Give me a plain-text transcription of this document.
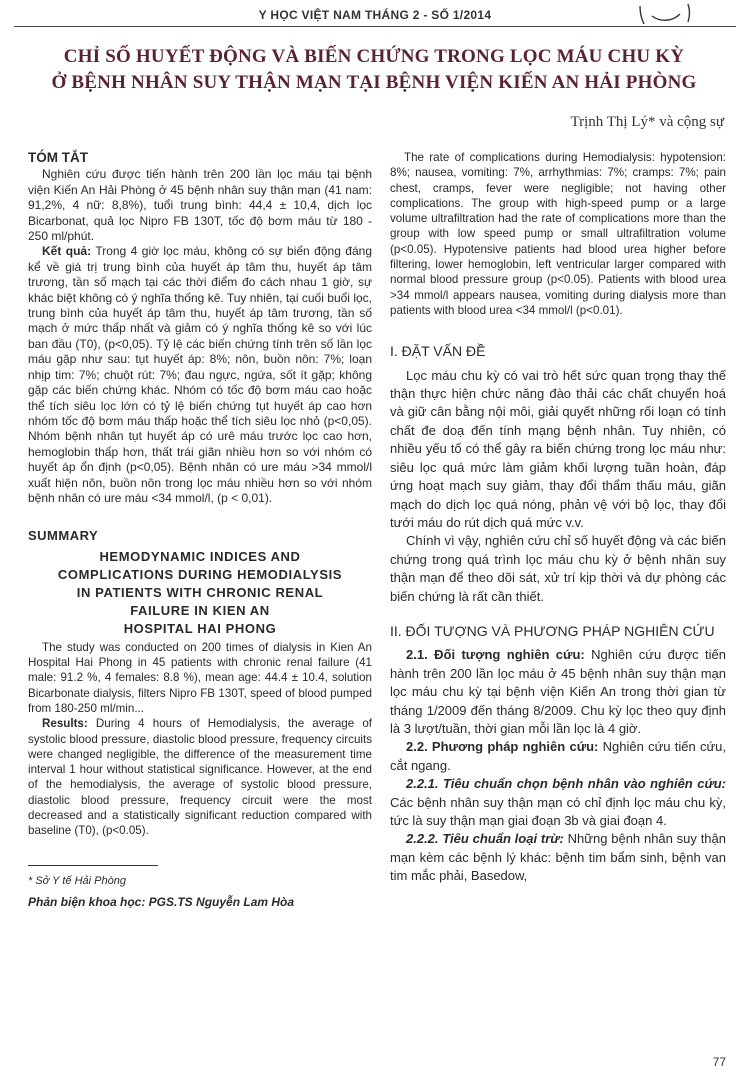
Y HỌC VIỆT NAM THÁNG 2 - SỐ 1/2014
CHỈ SỐ HUYẾT ĐỘNG VÀ BIẾN CHỨNG TRONG LỌC MÁU CHU KỲ
Ở BỆNH NHÂN SUY THẬN MẠN TẠI BỆNH VIỆN KIẾN AN HẢI PHÒNG
Trịnh Thị Lý* và cộng sự
TÓM TẮT

Nghiên cứu được tiến hành trên 200 lần lọc máu tại bệnh viện Kiến An Hải Phòng ở 45 bệnh nhân suy thận mạn (41 nam: 91,2%, 4 nữ: 8,8%), tuổi trung bình: 44,4 ± 10,4, dịch lọc Bicarbonat, quả lọc Nipro FB 130T, tốc độ bơm máu từ 180 - 250 ml/phút.

Kết quả: Trong 4 giờ lọc máu, không có sự biến động đáng kể về giá trị trung bình của huyết áp tâm thu, huyết áp tâm trương, tần số mạch tại các thời điểm đo cách nhau 1 giờ, sự khác biệt không có ý nghĩa thống kê. Tuy nhiên, tại cuối buổi lọc, trung bình của huyết áp tâm thu, huyết áp tâm trương, tần số mạch ở mức thấp nhất và giảm có ý nghĩa thống kê so với lúc ban đầu (T0), (p<0,05). Tỷ lệ các biến chứng tính trên số lần lọc máu gặp như sau: tụt huyết áp: 8%; nôn, buồn nôn: 7%; loạn nhịp tim: 7%; chuột rút: 7%; đau ngực, ngứa, sốt ít gặp; không gặp các biến chứng khác. Nhóm có tốc độ bơm máu cao hoặc thể tích siêu lọc lớn có tỷ lệ biến chứng tụt huyết áp cao hơn nhóm tốc độ bơm máu thấp hoặc thể tích siêu lọc nhỏ (p<0,05). Nhóm bệnh nhân tụt huyết áp có urê máu trước lọc cao hơn, hemoglobin thấp hơn, thất trái giãn nhiều hơn so với nhóm có huyết áp ổn định (p<0,05). Bệnh nhân có ure máu >34 mmol/l xuất hiện nôn, buồn nôn trong lọc máu nhiều hơn so với nhóm bệnh nhân có ure máu <34 mmol/l, (p < 0,01).

SUMMARY
HEMODYNAMIC INDICES AND
COMPLICATIONS DURING HEMODIALYSIS
IN PATIENTS WITH CHRONIC RENAL
FAILURE IN KIEN AN
HOSPITAL HAI PHONG

The study was conducted on 200 times of dialysis in Kien An Hospital Hai Phong in 45 patients with chronic renal failure (41 male: 91.2 %, 4 females: 8.8 %), mean age: 44.4 ± 10.4, solution Bicarbonate dialysis, filters Nipro FB 130T, speed of blood pumped from 180-250 ml/min...

Results: During 4 hours of Hemodialysis, the average of systolic blood pressure, diastolic blood pressure, frequency circuits were changed negligible, the difference of the measurement time interval 1 hour without statistical significance. However, at the end of the hemodialysis, the average of systolic blood pressure, diastolic blood pressure, frequency circuit were the most decreased and a statistically significant reduction compared with baseline (T0), (p<0.05).

* Sở Y tế Hải Phòng
Phản biện khoa học: PGS.TS Nguyễn Lam Hòa

The rate of complications during Hemodialysis: hypotension: 8%; nausea, vomiting: 7%, arrhythmias: 7%; cramps: 7%; pain chest, cramps, fever were negligible; not having other complications. The group with high-speed pump or a large volume ultrafiltration had the rate of complications more than the group with low speed pump or small ultrafiltration volume (p<0.05). Hypotensive patients had blood urea higher before filtering, lower hemoglobin, left ventricular larger compared with normal blood pressure group (p<0.05). Patients with blood urea >34 mmol/l appears nausea, vomiting during dialysis more than patients with blood urea <34 mmol/l (p<0.01).

I. ĐẶT VẤN ĐỀ

Lọc máu chu kỳ có vai trò hết sức quan trọng thay thế thận thực hiện chức năng đào thải các chất chuyển hoá và giữ cân bằng nội môi, giải quyết những rối loạn có tính chất đe doạ đến tính mạng bệnh nhân. Tuy nhiên, có nhiều yếu tố có thể gây ra biến chứng trong lọc máu như: siêu lọc quá mức làm giảm khối lượng tuần hoàn, đáp ứng hoạt mạch suy giảm, thay đổi thẩm thấu máu, giãn mạch do dịch lọc quá nóng, phản vệ với bộ lọc, thay đổi tưới máu do rút dịch quá mức v.v.

Chính vì vậy, nghiên cứu chỉ số huyết động và các biến chứng trong quá trình lọc máu chu kỳ ở bệnh nhân suy thận mạn để theo dõi sát, xử trí kịp thời và dự phòng các biến chứng là rất cần thiết.

II. ĐỐI TƯỢNG VÀ PHƯƠNG PHÁP NGHIÊN CỨU

2.1. Đối tượng nghiên cứu: Nghiên cứu được tiến hành trên 200 lần lọc máu ở 45 bệnh nhân suy thận mạn lọc máu chu kỳ tại bệnh viện Kiến An trong thời gian từ tháng 1/2009 đến tháng 8/2009. Chu kỳ lọc theo quy định là 3 lượt/tuần, thời gian mỗi lần lọc là 4 giờ.

2.2. Phương pháp nghiên cứu: Nghiên cứu tiến cứu, cắt ngang.

2.2.1. Tiêu chuẩn chọn bệnh nhân vào nghiên cứu: Các bệnh nhân suy thận mạn có chỉ định lọc máu chu kỳ, tức là suy thận mạn giai đoạn 3b và giai đoạn 4.

2.2.2. Tiêu chuẩn loại trừ: Những bệnh nhân suy thận mạn kèm các bệnh lý khác: bệnh tim bẩm sinh, bệnh van tim mắc phải, Basedow,

77
